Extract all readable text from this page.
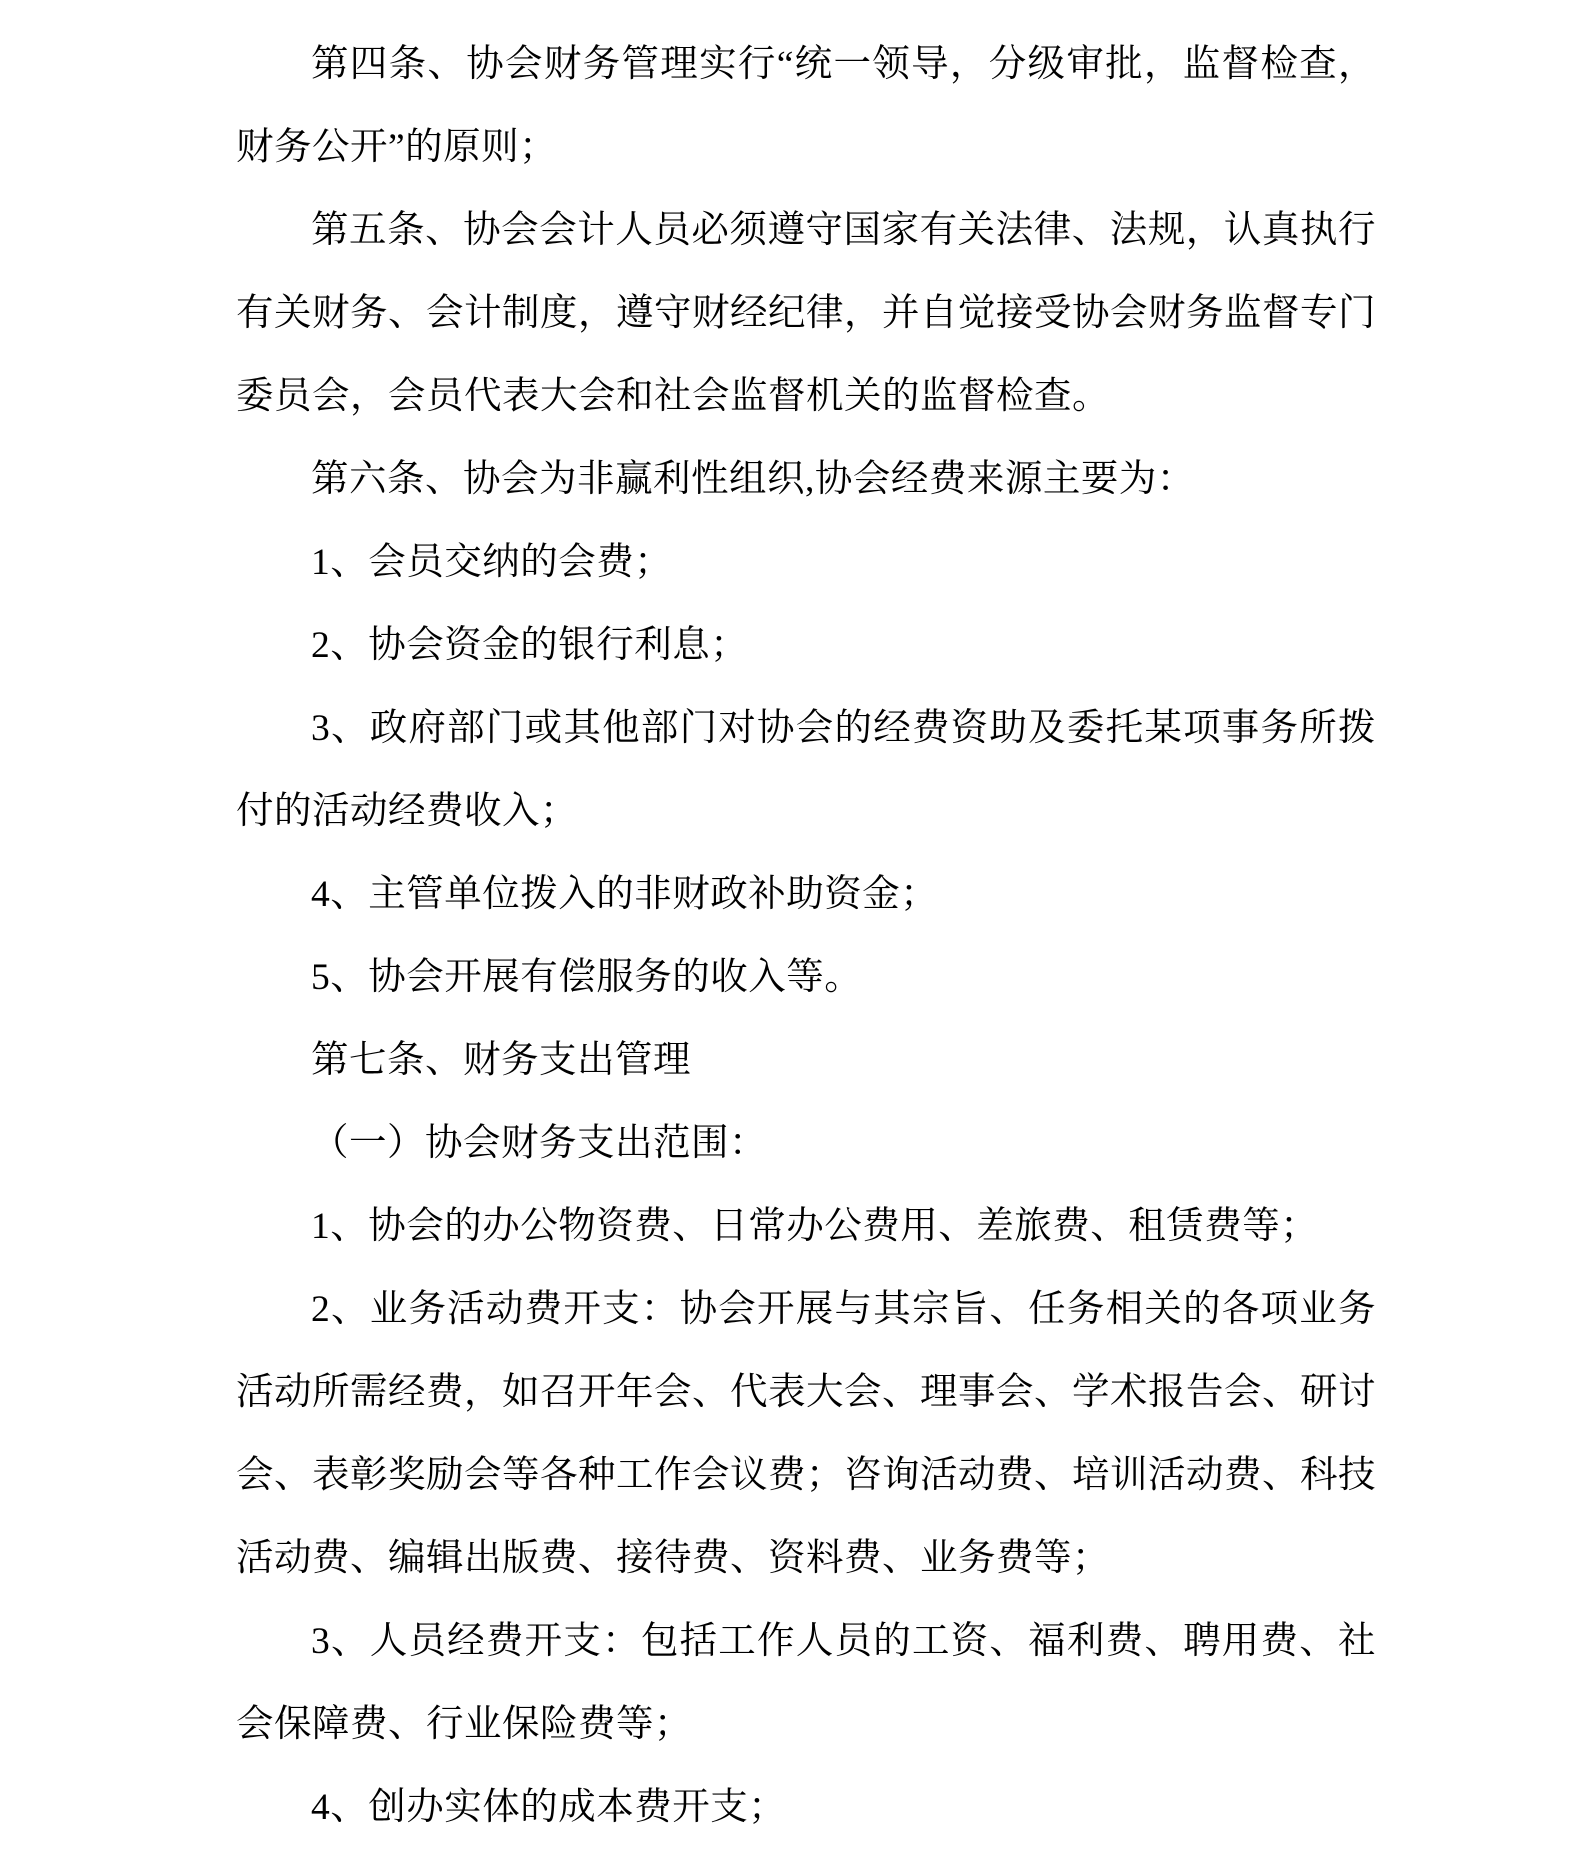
第四条、协会财务管理实行“统一领导，分级审批，监督检查，
财务公开”的原则；
第五条、协会会计人员必须遵守国家有关法律、法规，认真执行
有关财务、会计制度，遵守财经纪律，并自觉接受协会财务监督专门
委员会，会员代表大会和社会监督机关的监督检查。
第六条、协会为非赢利性组织,协会经费来源主要为：
1、会员交纳的会费；
2、协会资金的银行利息；
3、政府部门或其他部门对协会的经费资助及委托某项事务所拨
付的活动经费收入；
4、主管单位拨入的非财政补助资金；
5、协会开展有偿服务的收入等。
第七条、财务支出管理
（一）协会财务支出范围：
1、协会的办公物资费、日常办公费用、差旅费、租赁费等；
2、业务活动费开支：协会开展与其宗旨、任务相关的各项业务
活动所需经费，如召开年会、代表大会、理事会、学术报告会、研讨
会、表彰奖励会等各种工作会议费；咨询活动费、培训活动费、科技
活动费、编辑出版费、接待费、资料费、业务费等；
3、人员经费开支：包括工作人员的工资、福利费、聘用费、社
会保障费、行业保险费等；
4、创办实体的成本费开支；
